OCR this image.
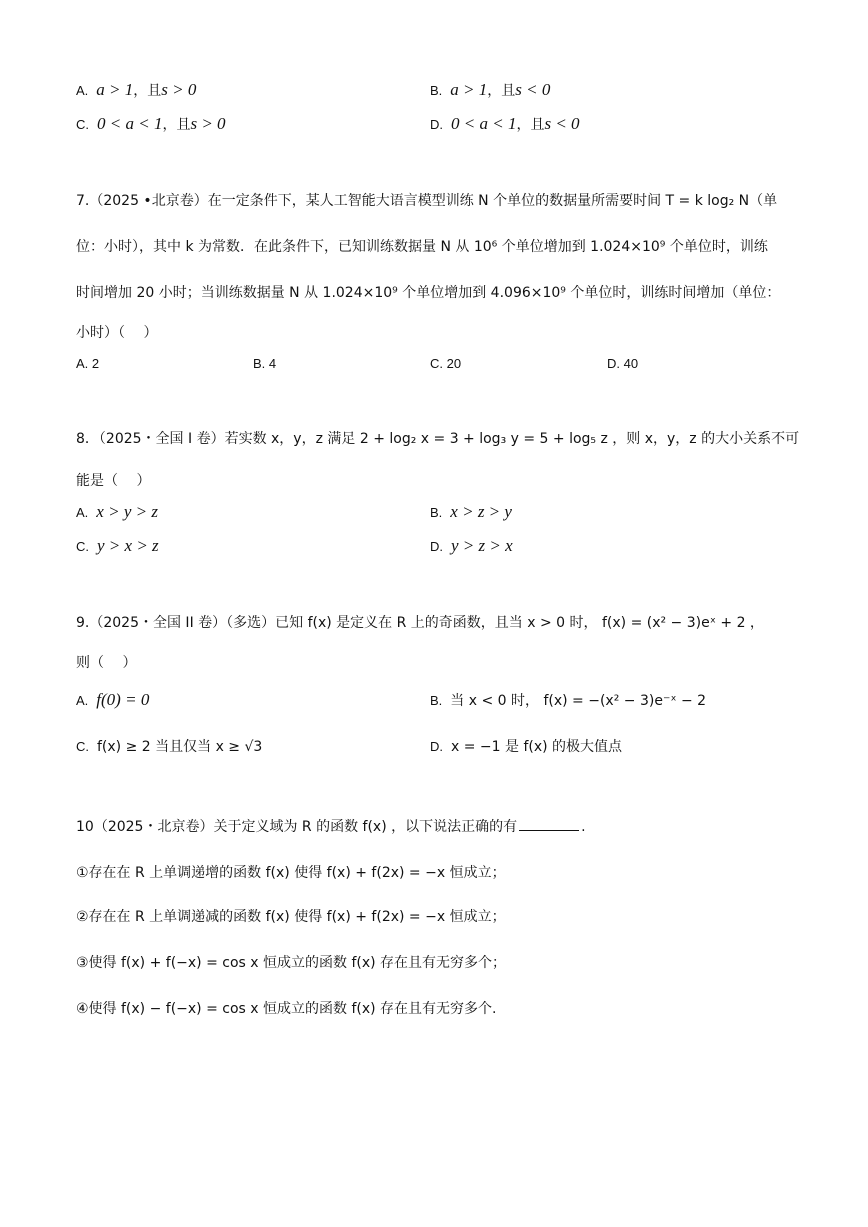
A. a > 1，且s > 0	B. a > 1，且s < 0
C. 0 < a < 1，且s > 0	D. 0 < a < 1，且s < 0
7.（2025 •北京卷）在一定条件下，某人工智能大语言模型训练 N 个单位的数据量所需要时间 T = k log₂ N（单
位：小时），其中 k 为常数．在此条件下，已知训练数据量 N 从 10⁶ 个单位增加到 1.024×10⁹ 个单位时，训练
时间增加 20 小时；当训练数据量 N 从 1.024×10⁹ 个单位增加到 4.096×10⁹ 个单位时，训练时间增加（单位：
小时）（　 ）
A. 2	B. 4	C. 20	D. 40
8．（2025・全国 I 卷）若实数 x，y，z 满足 2 + log₂ x = 3 + log₃ y = 5 + log₅ z ，则 x，y，z 的大小关系不可
能是（　 ）
A. x > y > z	B. x > z > y
C. y > x > z	D. y > z > x
9.（2025・全国 II 卷）（多选）已知 f(x) 是定义在 R 上的奇函数，且当 x > 0 时， f(x) = (x² − 3)eˣ + 2 ，
则（　 ）
A. f(0) = 0	B. 当 x < 0 时， f(x) = −(x² − 3)e⁻ˣ − 2
C. f(x) ≥ 2 当且仅当 x ≥ √3	D. x = −1 是 f(x) 的极大值点
10（2025・北京卷）关于定义域为 R 的函数 f(x) ，以下说法正确的有	.
①存在在 R 上单调递增的函数 f(x) 使得 f(x) + f(2x) = −x 恒成立；
②存在在 R 上单调递减的函数 f(x) 使得 f(x) + f(2x) = −x 恒成立；
③使得 f(x) + f(−x) = cos x 恒成立的函数 f(x) 存在且有无穷多个；
④使得 f(x) − f(−x) = cos x 恒成立的函数 f(x) 存在且有无穷多个.
